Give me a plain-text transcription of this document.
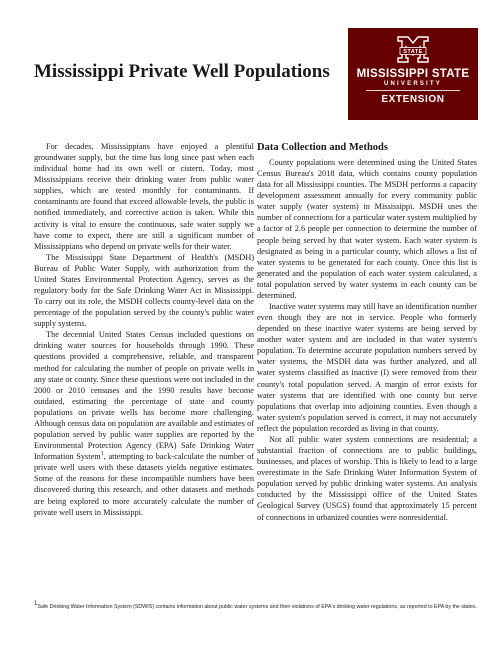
STATE
MISSISSIPPI STATE
UNIVERSITY
EXTENSION
Mississippi Private Well Populations

For decades, Mississippians have enjoyed a plentiful groundwater supply, but the time has long since past when each individual home had its own well or cistern. Today, most Mississippians receive their drinking water from public water supplies, which are tested monthly for contaminants. If contaminants are found that exceed allowable levels, the public is notified immediately, and corrective action is taken. While this activity is vital to ensure the continuous, safe water supply we have come to expect, there are still a significant number of Mississippians who depend on private wells for their water.

The Mississippi State Department of Health's (MSDH) Bureau of Public Water Supply, with authorization from the United States Environmental Protection Agency, serves as the regulatory body for the Safe Drinking Water Act in Mississippi. To carry out its role, the MSDH collects county-level data on the percentage of the population served by the county's public water supply systems.

The decennial United States Census included questions on drinking water sources for households through 1990. These questions provided a comprehensive, reliable, and transparent method for calculating the number of people on private wells in any state or county. Since these questions were not included in the 2000 or 2010 censuses and the 1990 results have become outdated, estimating the percentage of state and county populations on private wells has become more challenging. Although census data on population are available and estimates of population served by public water supplies are reported by the Environmental Protection Agency (EPA) Safe Drinking Water Information System$^1$, attempting to back-calculate the number of private well users with these datasets yields negative estimates. Some of the reasons for these incompatible numbers have been discovered during this research, and other datasets and methods are being explored to more accurately calculate the number of private well users in Mississippi.

Data Collection and Methods

County populations were determined using the United States Census Bureau's 2018 data, which contains county population data for all Mississippi counties. The MSDH performs a capacity development assessment annually for every community public water supply (water system) in Mississippi. MSDH uses the number of connections for a particular water system multiplied by a factor of 2.6 people per connection to determine the number of people being served by that water system. Each water system is designated as being in a particular county, which allows a list of water systems to be generated for each county. Once this list is generated and the population of each water system calculated, a total population served by water systems in each county can be determined.

Inactive water systems may still have an identification number even though they are not in service. People who formerly depended on these inactive water systems are being served by another water system and are included in that water system's population. To determine accurate population numbers served by water systems, the MSDH data was further analyzed, and all water systems classified as inactive (I) were removed from their county's total population served. A margin of error exists for water systems that are identified with one county but serve populations that overlap into adjoining counties. Even though a water system's population served is correct, it may not accurately reflect the population recorded as living in that county.

Not all public water system connections are residential; a substantial fraction of connections are to public buildings, businesses, and places of worship. This is likely to lead to a large overestimate in the Safe Drinking Water Information System of population served by public drinking water systems. An analysis conducted by the Mississippi office of the United States Geological Survey (USGS) found that approximately 15 percent of connections in urbanized counties were nonresidential.

$^1$Safe Drinking Water Information System (SDWIS) contains information about public water systems and their violations of EPA's drinking water regulations, as reported to EPA by the states.
